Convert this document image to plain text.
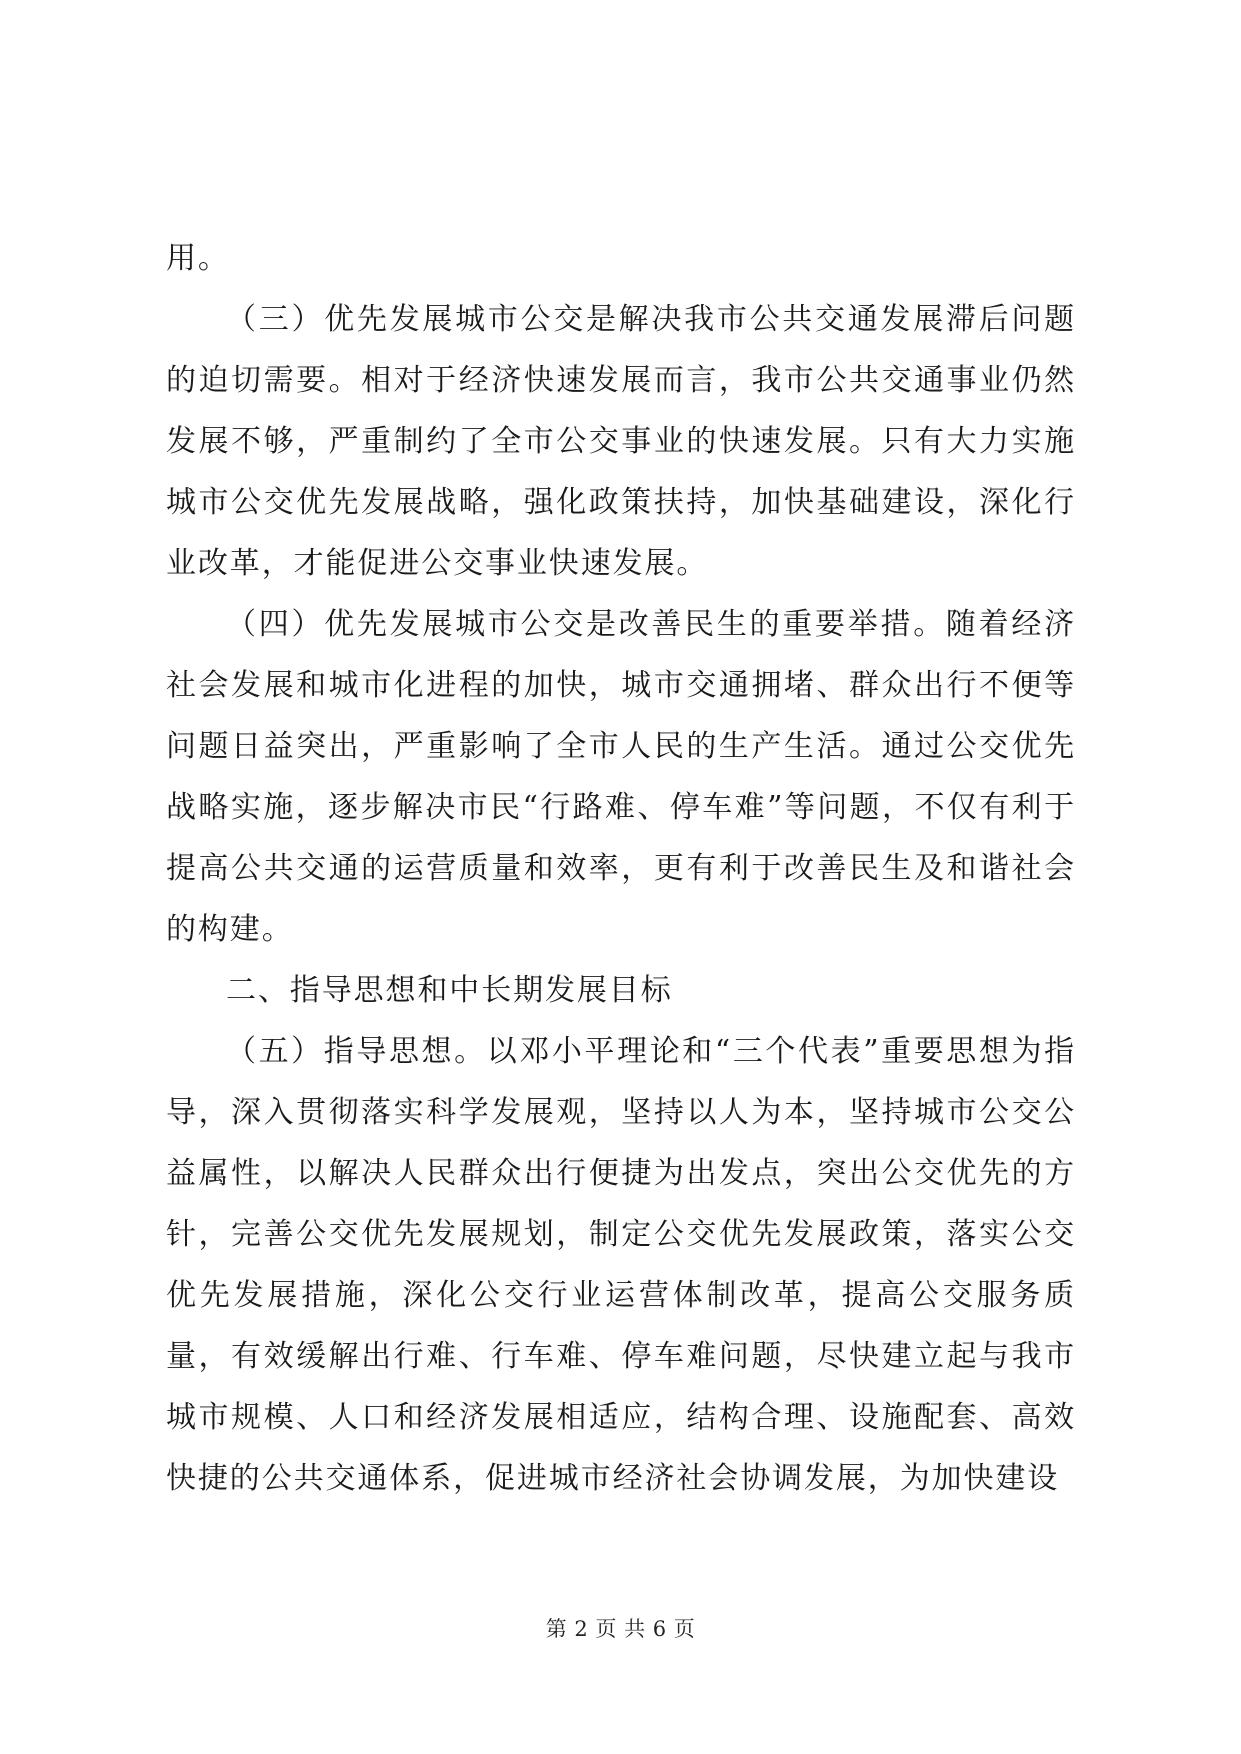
用。

（三）优先发展城市公交是解决我市公共交通发展滞后问题的迫切需要。相对于经济快速发展而言，我市公共交通事业仍然发展不够，严重制约了全市公交事业的快速发展。只有大力实施城市公交优先发展战略，强化政策扶持，加快基础建设，深化行业改革，才能促进公交事业快速发展。

（四）优先发展城市公交是改善民生的重要举措。随着经济社会发展和城市化进程的加快，城市交通拥堵、群众出行不便等问题日益突出，严重影响了全市人民的生产生活。通过公交优先战略实施，逐步解决市民“行路难、停车难”等问题，不仅有利于提高公共交通的运营质量和效率，更有利于改善民生及和谐社会的构建。

二、指导思想和中长期发展目标

（五）指导思想。以邓小平理论和“三个代表”重要思想为指导，深入贯彻落实科学发展观，坚持以人为本，坚持城市公交公益属性，以解决人民群众出行便捷为出发点，突出公交优先的方针，完善公交优先发展规划，制定公交优先发展政策，落实公交优先发展措施，深化公交行业运营体制改革，提高公交服务质量，有效缓解出行难、行车难、停车难问题，尽快建立起与我市城市规模、人口和经济发展相适应，结构合理、设施配套、高效快捷的公共交通体系，促进城市经济社会协调发展，为加快建设

第 2 页 共 6 页
